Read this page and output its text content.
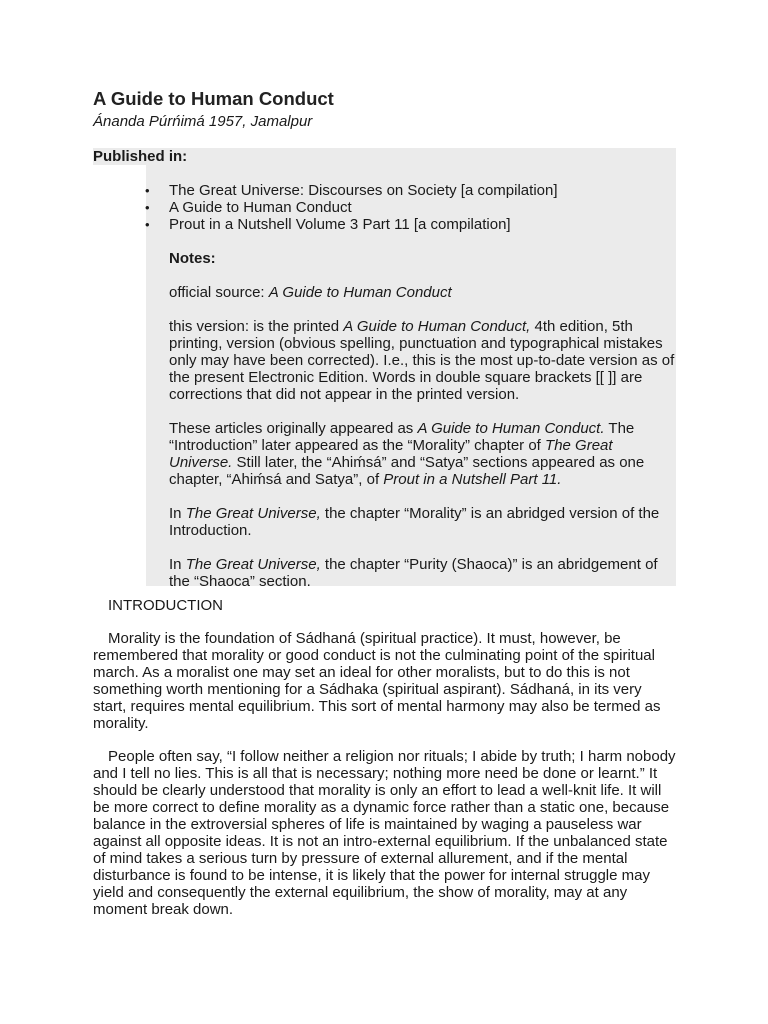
A Guide to Human Conduct

Ánanda Púrńimá 1957, Jamalpur

Published in:

• The Great Universe: Discourses on Society [a compilation]
• A Guide to Human Conduct
• Prout in a Nutshell Volume 3 Part 11 [a compilation]

Notes:

official source: A Guide to Human Conduct

this version: is the printed A Guide to Human Conduct, 4th edition, 5th printing, version (obvious spelling, punctuation and typographical mistakes only may have been corrected). I.e., this is the most up-to-date version as of the present Electronic Edition. Words in double square brackets [[ ]] are corrections that did not appear in the printed version.

These articles originally appeared as A Guide to Human Conduct. The “Introduction” later appeared as the “Morality” chapter of The Great Universe. Still later, the “Ahiḿsá” and “Satya” sections appeared as one chapter, “Ahiḿsá and Satya”, of Prout in a Nutshell Part 11.

In The Great Universe, the chapter “Morality” is an abridged version of the Introduction.

In The Great Universe, the chapter “Purity (Shaoca)” is an abridgement of the “Shaoca” section.

INTRODUCTION

Morality is the foundation of Sádhaná (spiritual practice). It must, however, be remembered that morality or good conduct is not the culminating point of the spiritual march. As a moralist one may set an ideal for other moralists, but to do this is not something worth mentioning for a Sádhaka (spiritual aspirant). Sádhaná, in its very start, requires mental equilibrium. This sort of mental harmony may also be termed as morality.

People often say, “I follow neither a religion nor rituals; I abide by truth; I harm nobody and I tell no lies. This is all that is necessary; nothing more need be done or learnt.” It should be clearly understood that morality is only an effort to lead a well-knit life. It will be more correct to define morality as a dynamic force rather than a static one, because balance in the extroversial spheres of life is maintained by waging a pauseless war against all opposite ideas. It is not an intro-external equilibrium. If the unbalanced state of mind takes a serious turn by pressure of external allurement, and if the mental disturbance is found to be intense, it is likely that the power for internal struggle may yield and consequently the external equilibrium, the show of morality, may at any moment break down.
